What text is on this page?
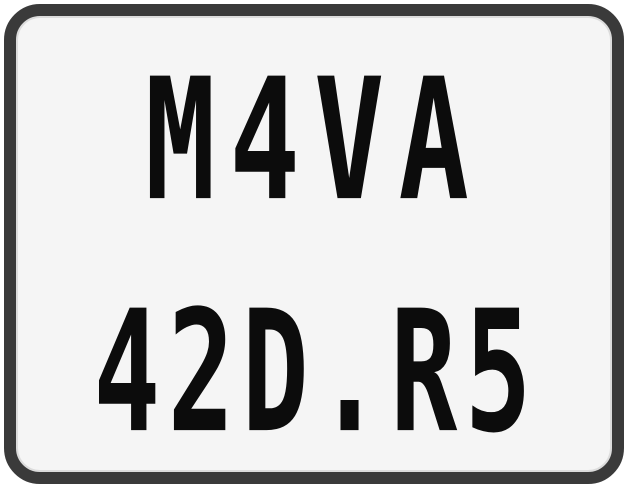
M4VA
42D.R5
